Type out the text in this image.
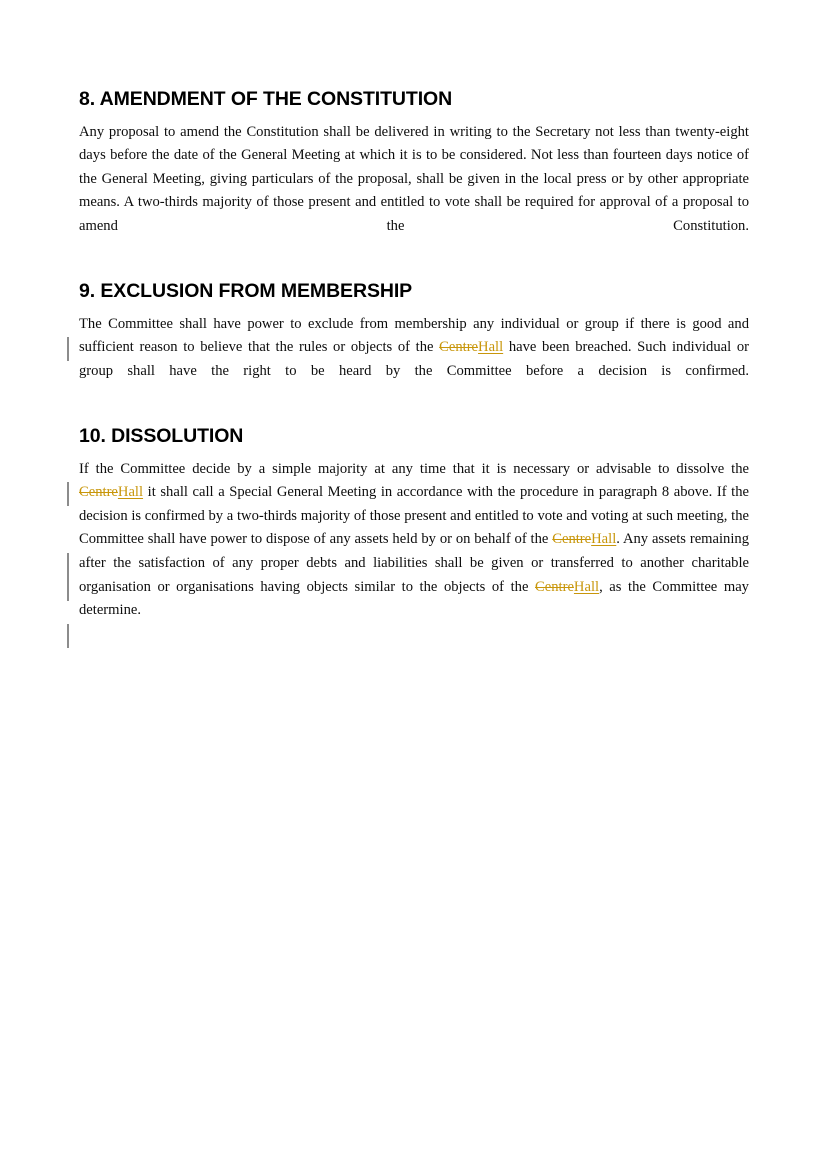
8. AMENDMENT OF THE CONSTITUTION

Any proposal to amend the Constitution shall be delivered in writing to the Secretary not less than twenty-eight days before the date of the General Meeting at which it is to be considered. Not less than fourteen days notice of the General Meeting, giving particulars of the proposal, shall be given in the local press or by other appropriate means. A two-thirds majority of those present and entitled to vote shall be required for approval of a proposal to amend the Constitution.

9. EXCLUSION FROM MEMBERSHIP

The Committee shall have power to exclude from membership any individual or group if there is good and sufficient reason to believe that the rules or objects of the CentreHall have been breached. Such individual or group shall have the right to be heard by the Committee before a decision is confirmed.

10. DISSOLUTION

If the Committee decide by a simple majority at any time that it is necessary or advisable to dissolve the CentreHall it shall call a Special General Meeting in accordance with the procedure in paragraph 8 above. If the decision is confirmed by a two-thirds majority of those present and entitled to vote and voting at such meeting, the Committee shall have power to dispose of any assets held by or on behalf of the CentreHall. Any assets remaining after the satisfaction of any proper debts and liabilities shall be given or transferred to another charitable organisation or organisations having objects similar to the objects of the CentreHall, as the Committee may determine.
